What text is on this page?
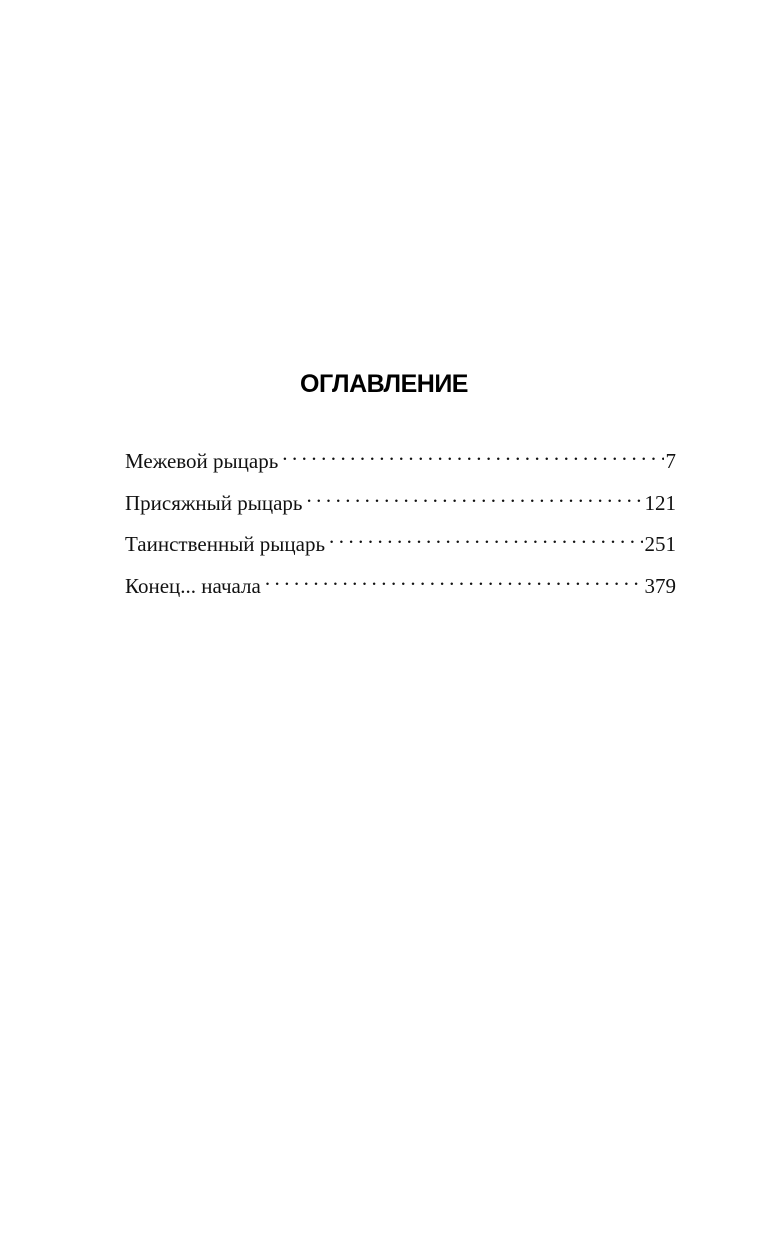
ОГЛАВЛЕНИЕ
Межевой рыцарь . . .	7
Присяжный рыцарь . . .	121
Таинственный рыцарь . . .	251
Конец... начала . . .	379
